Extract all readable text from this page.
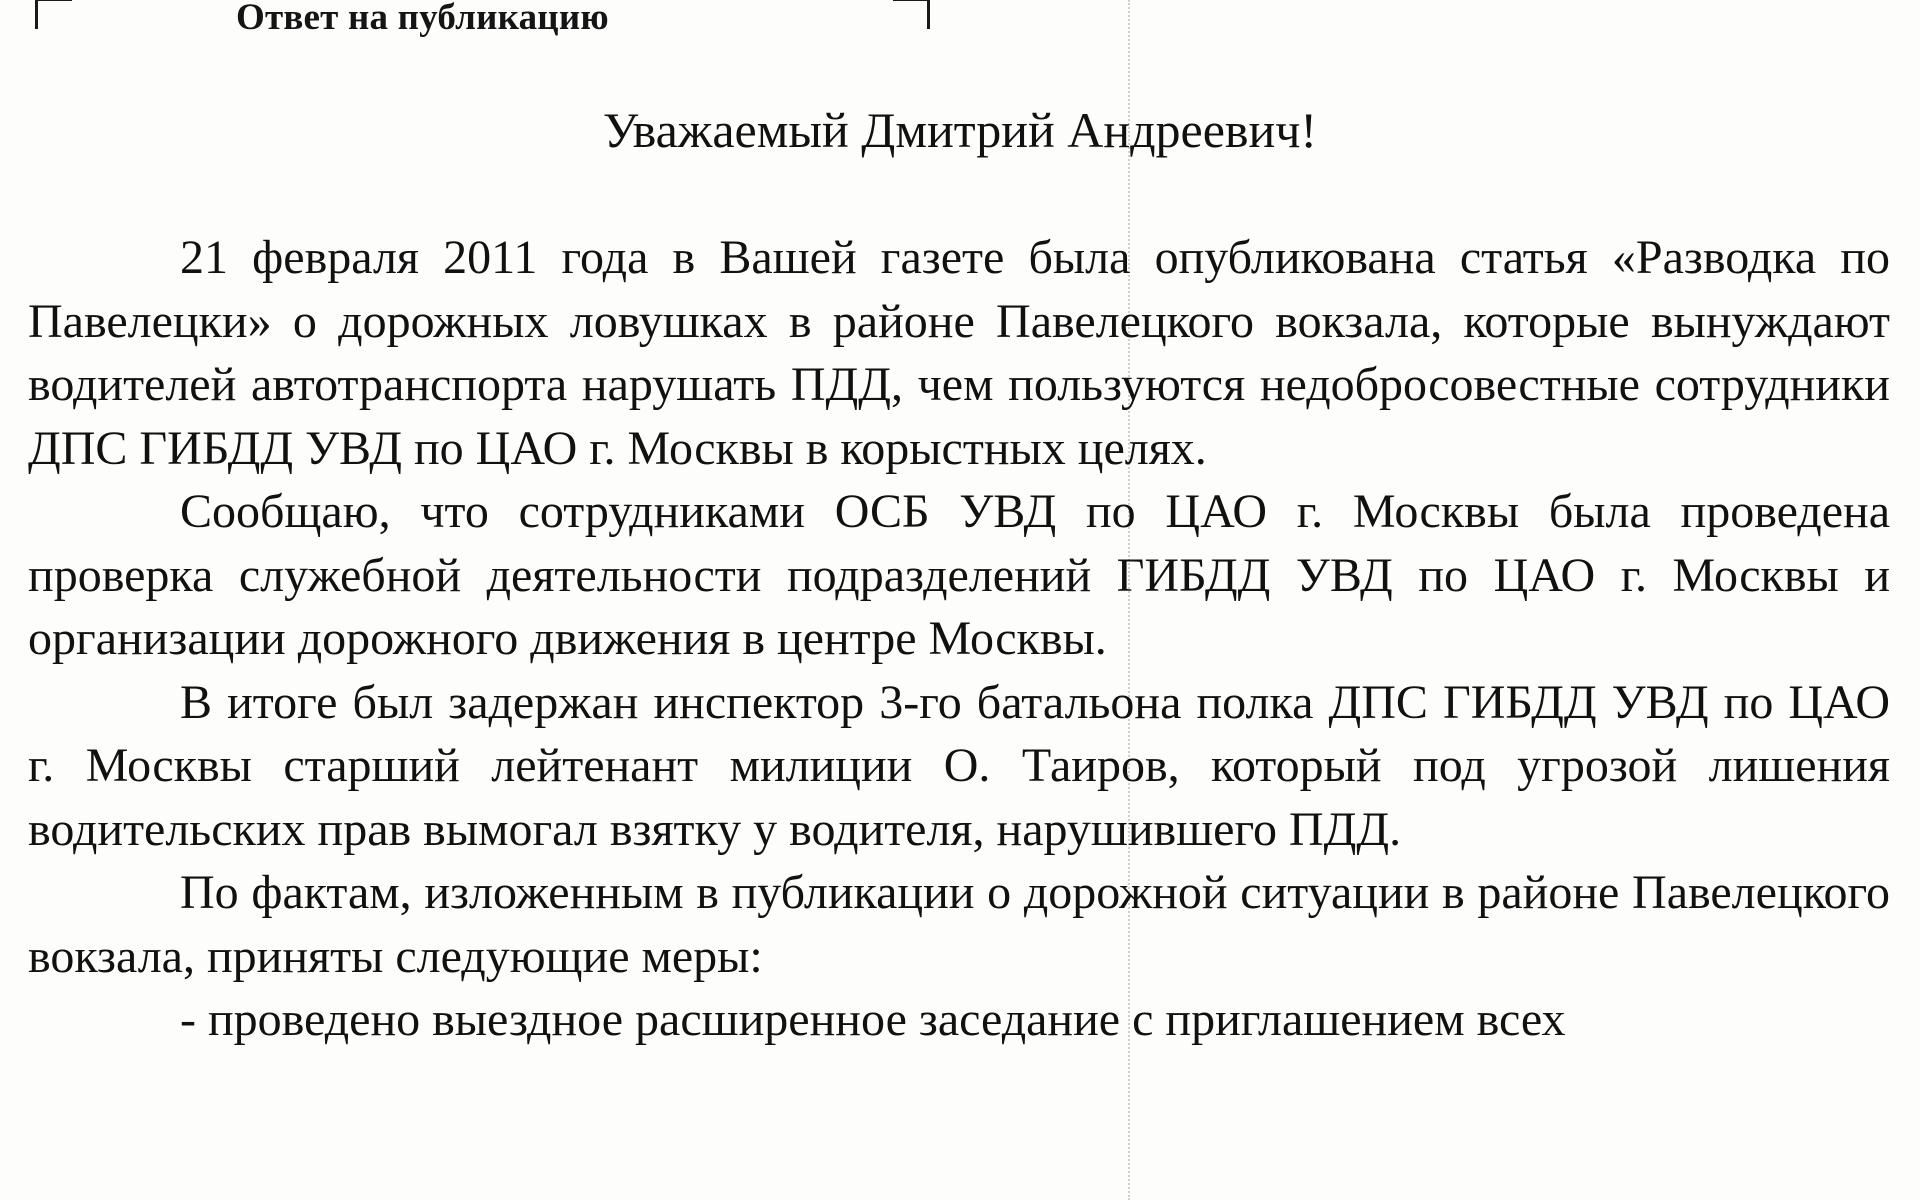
Ответ на публикацию
Уважаемый Дмитрий Андреевич!

21 февраля 2011 года в Вашей газете была опубликована статья «Разводка по Павелецки» о дорожных ловушках в районе Павелецкого вокзала, которые вынуждают водителей автотранспорта нарушать ПДД, чем пользуются недобросовестные сотрудники ДПС ГИБДД УВД по ЦАО г. Москвы в корыстных целях.

Сообщаю, что сотрудниками ОСБ УВД по ЦАО г. Москвы была проведена проверка служебной деятельности подразделений ГИБДД УВД по ЦАО г. Москвы и организации дорожного движения в центре Москвы.

В итоге был задержан инспектор 3-го батальона полка ДПС ГИБДД УВД по ЦАО г. Москвы старший лейтенант милиции О. Таиров, который под угрозой лишения водительских прав вымогал взятку у водителя, нарушившего ПДД.

По фактам, изложенным в публикации о дорожной ситуации в районе Павелецкого вокзала, приняты следующие меры:

- проведено выездное расширенное заседание с приглашением всех
